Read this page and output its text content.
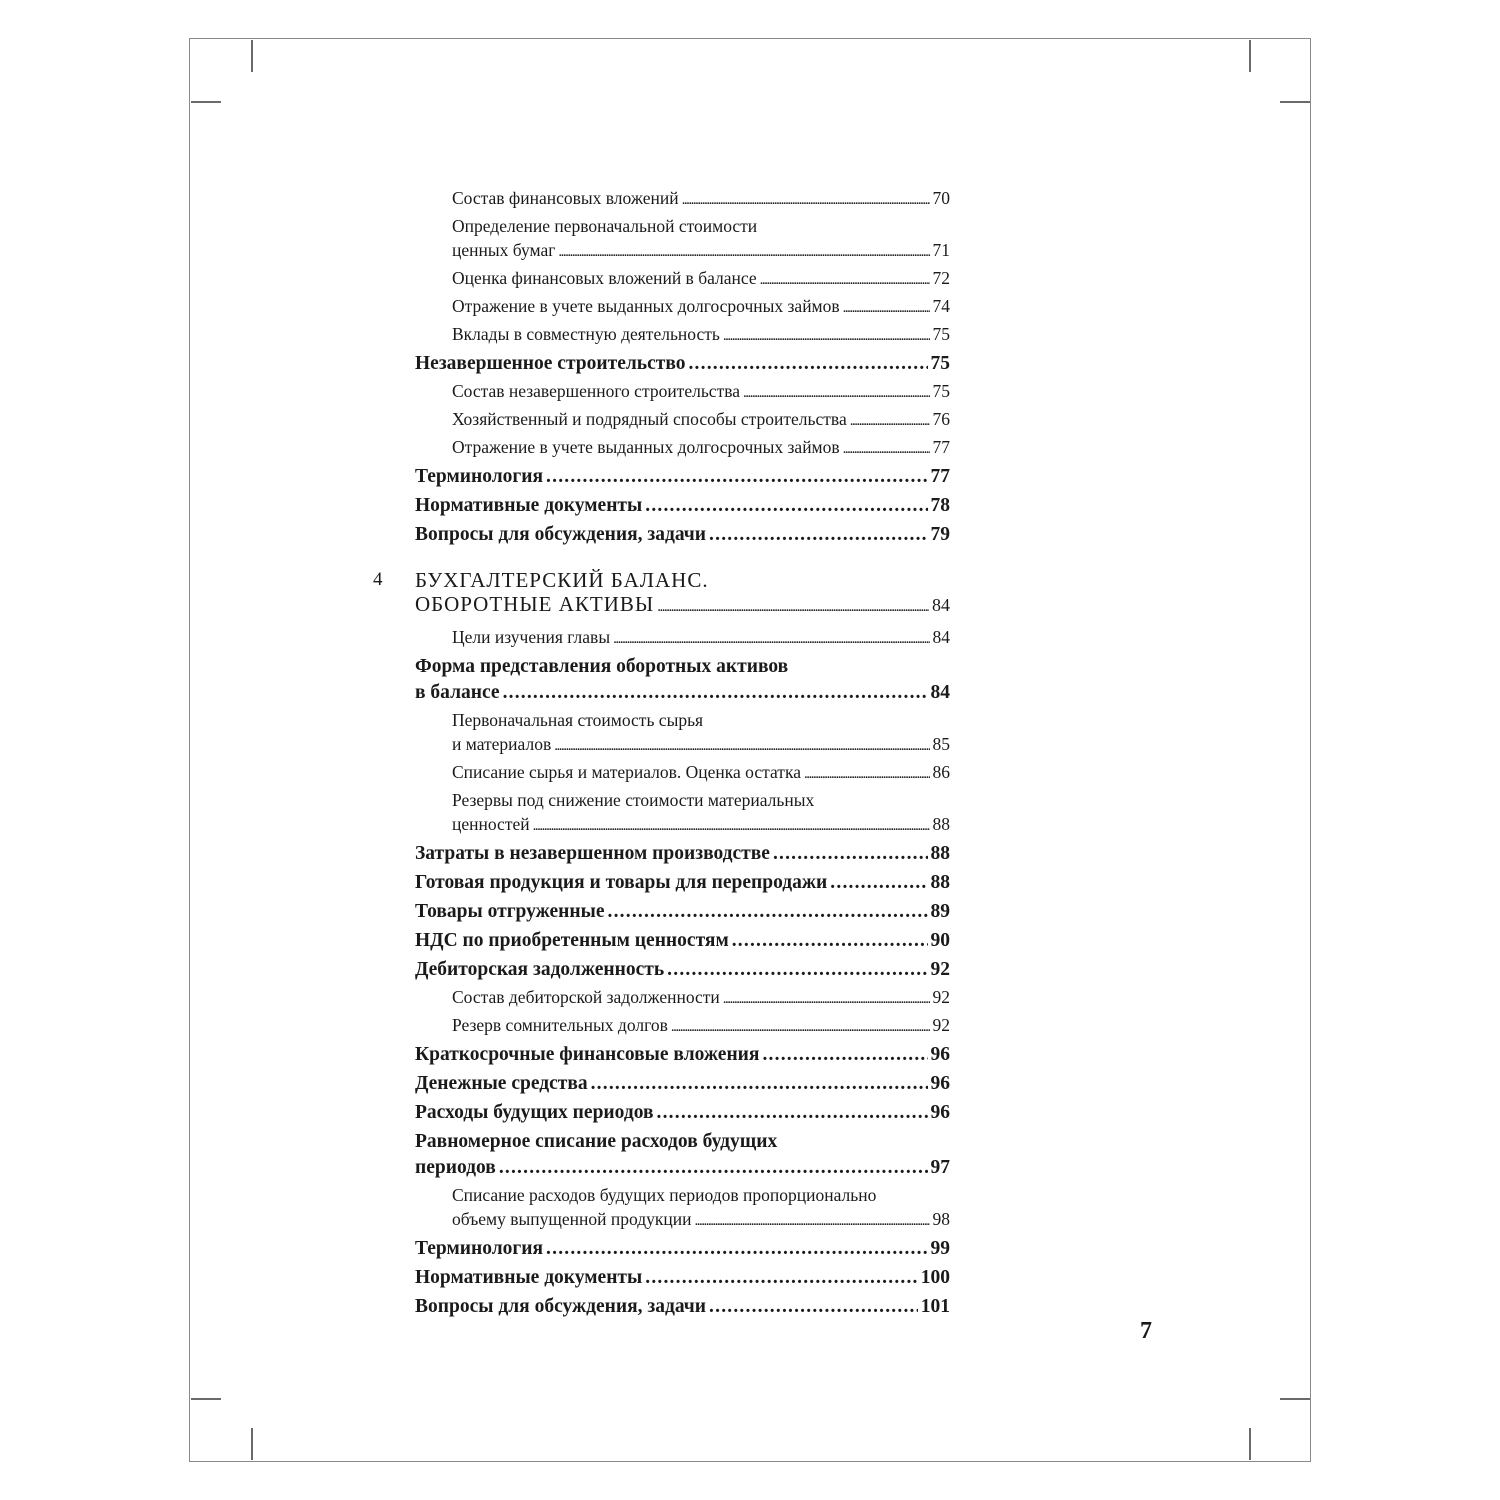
Состав финансовых вложений .....	70
Определение первоначальной стоимости
ценных бумаг .....	71
Оценка финансовых вложений в балансе .....	72
Отражение в учете выданных долгосрочных займов .....	74
Вклады в совместную деятельность .....	75
Незавершенное строительство .....	75
Состав незавершенного строительства .....	75
Хозяйственный и подрядный способы строительства .....	76
Отражение в учете выданных долгосрочных займов .....	77
Терминология .....	77
Нормативные документы .....	78
Вопросы для обсуждения, задачи .....	79
4 БУХГАЛТЕРСКИЙ БАЛАНС.
ОБОРОТНЫЕ АКТИВЫ .....	84
Цели изучения главы .....	84
Форма представления оборотных активов
в балансе .....	84
Первоначальная стоимость сырья
и материалов .....	85
Списание сырья и материалов. Оценка остатка .....	86
Резервы под снижение стоимости материальных
ценностей .....	88
Затраты в незавершенном производстве .....	88
Готовая продукция и товары для перепродажи .....	88
Товары отгруженные .....	89
НДС по приобретенным ценностям .....	90
Дебиторская задолженность .....	92
Состав дебиторской задолженности .....	92
Резерв сомнительных долгов .....	92
Краткосрочные финансовые вложения .....	96
Денежные средства .....	96
Расходы будущих периодов .....	96
Равномерное списание расходов будущих
периодов .....	97
Списание расходов будущих периодов пропорционально
объему выпущенной продукции .....	98
Терминология .....	99
Нормативные документы .....	100
Вопросы для обсуждения, задачи .....	101
7
